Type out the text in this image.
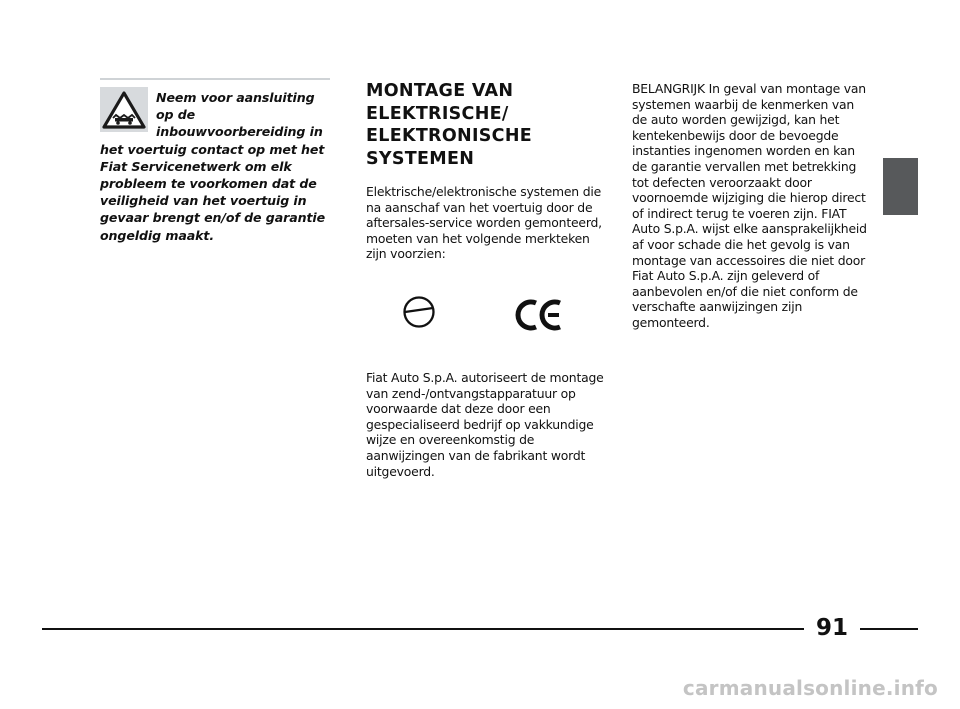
Neem voor aansluiting op de inbouwvoorbereiding in het voertuig contact op met het Fiat Servicenetwerk om elk probleem te voorkomen dat de veiligheid van het voertuig in gevaar brengt en/of de garantie ongeldig maakt.
MONTAGE VAN ELEKTRISCHE/ ELEKTRONISCHE SYSTEMEN

Elektrische/elektronische systemen die na aanschaf van het voertuig door de aftersales-service worden gemonteerd, moeten van het volgende merkteken zijn voorzien:

Fiat Auto S.p.A. autoriseert de montage van zend-/ontvangstapparatuur op voorwaarde dat deze door een gespecialiseerd bedrijf op vakkundige wijze en overeenkomstig de aanwijzingen van de fabrikant wordt uitgevoerd.

BELANGRIJK In geval van montage van systemen waarbij de kenmerken van de auto worden gewijzigd, kan het kentekenbewijs door de bevoegde instanties ingenomen worden en kan de garantie vervallen met betrekking tot defecten veroorzaakt door voornoemde wijziging die hierop direct of indirect terug te voeren zijn. FIAT Auto S.p.A. wijst elke aansprakelijkheid af voor schade die het gevolg is van montage van accessoires die niet door Fiat Auto S.p.A. zijn geleverd of aanbevolen en/of die niet conform de verschafte aanwijzingen zijn gemonteerd.

91
carmanualsonline.info
